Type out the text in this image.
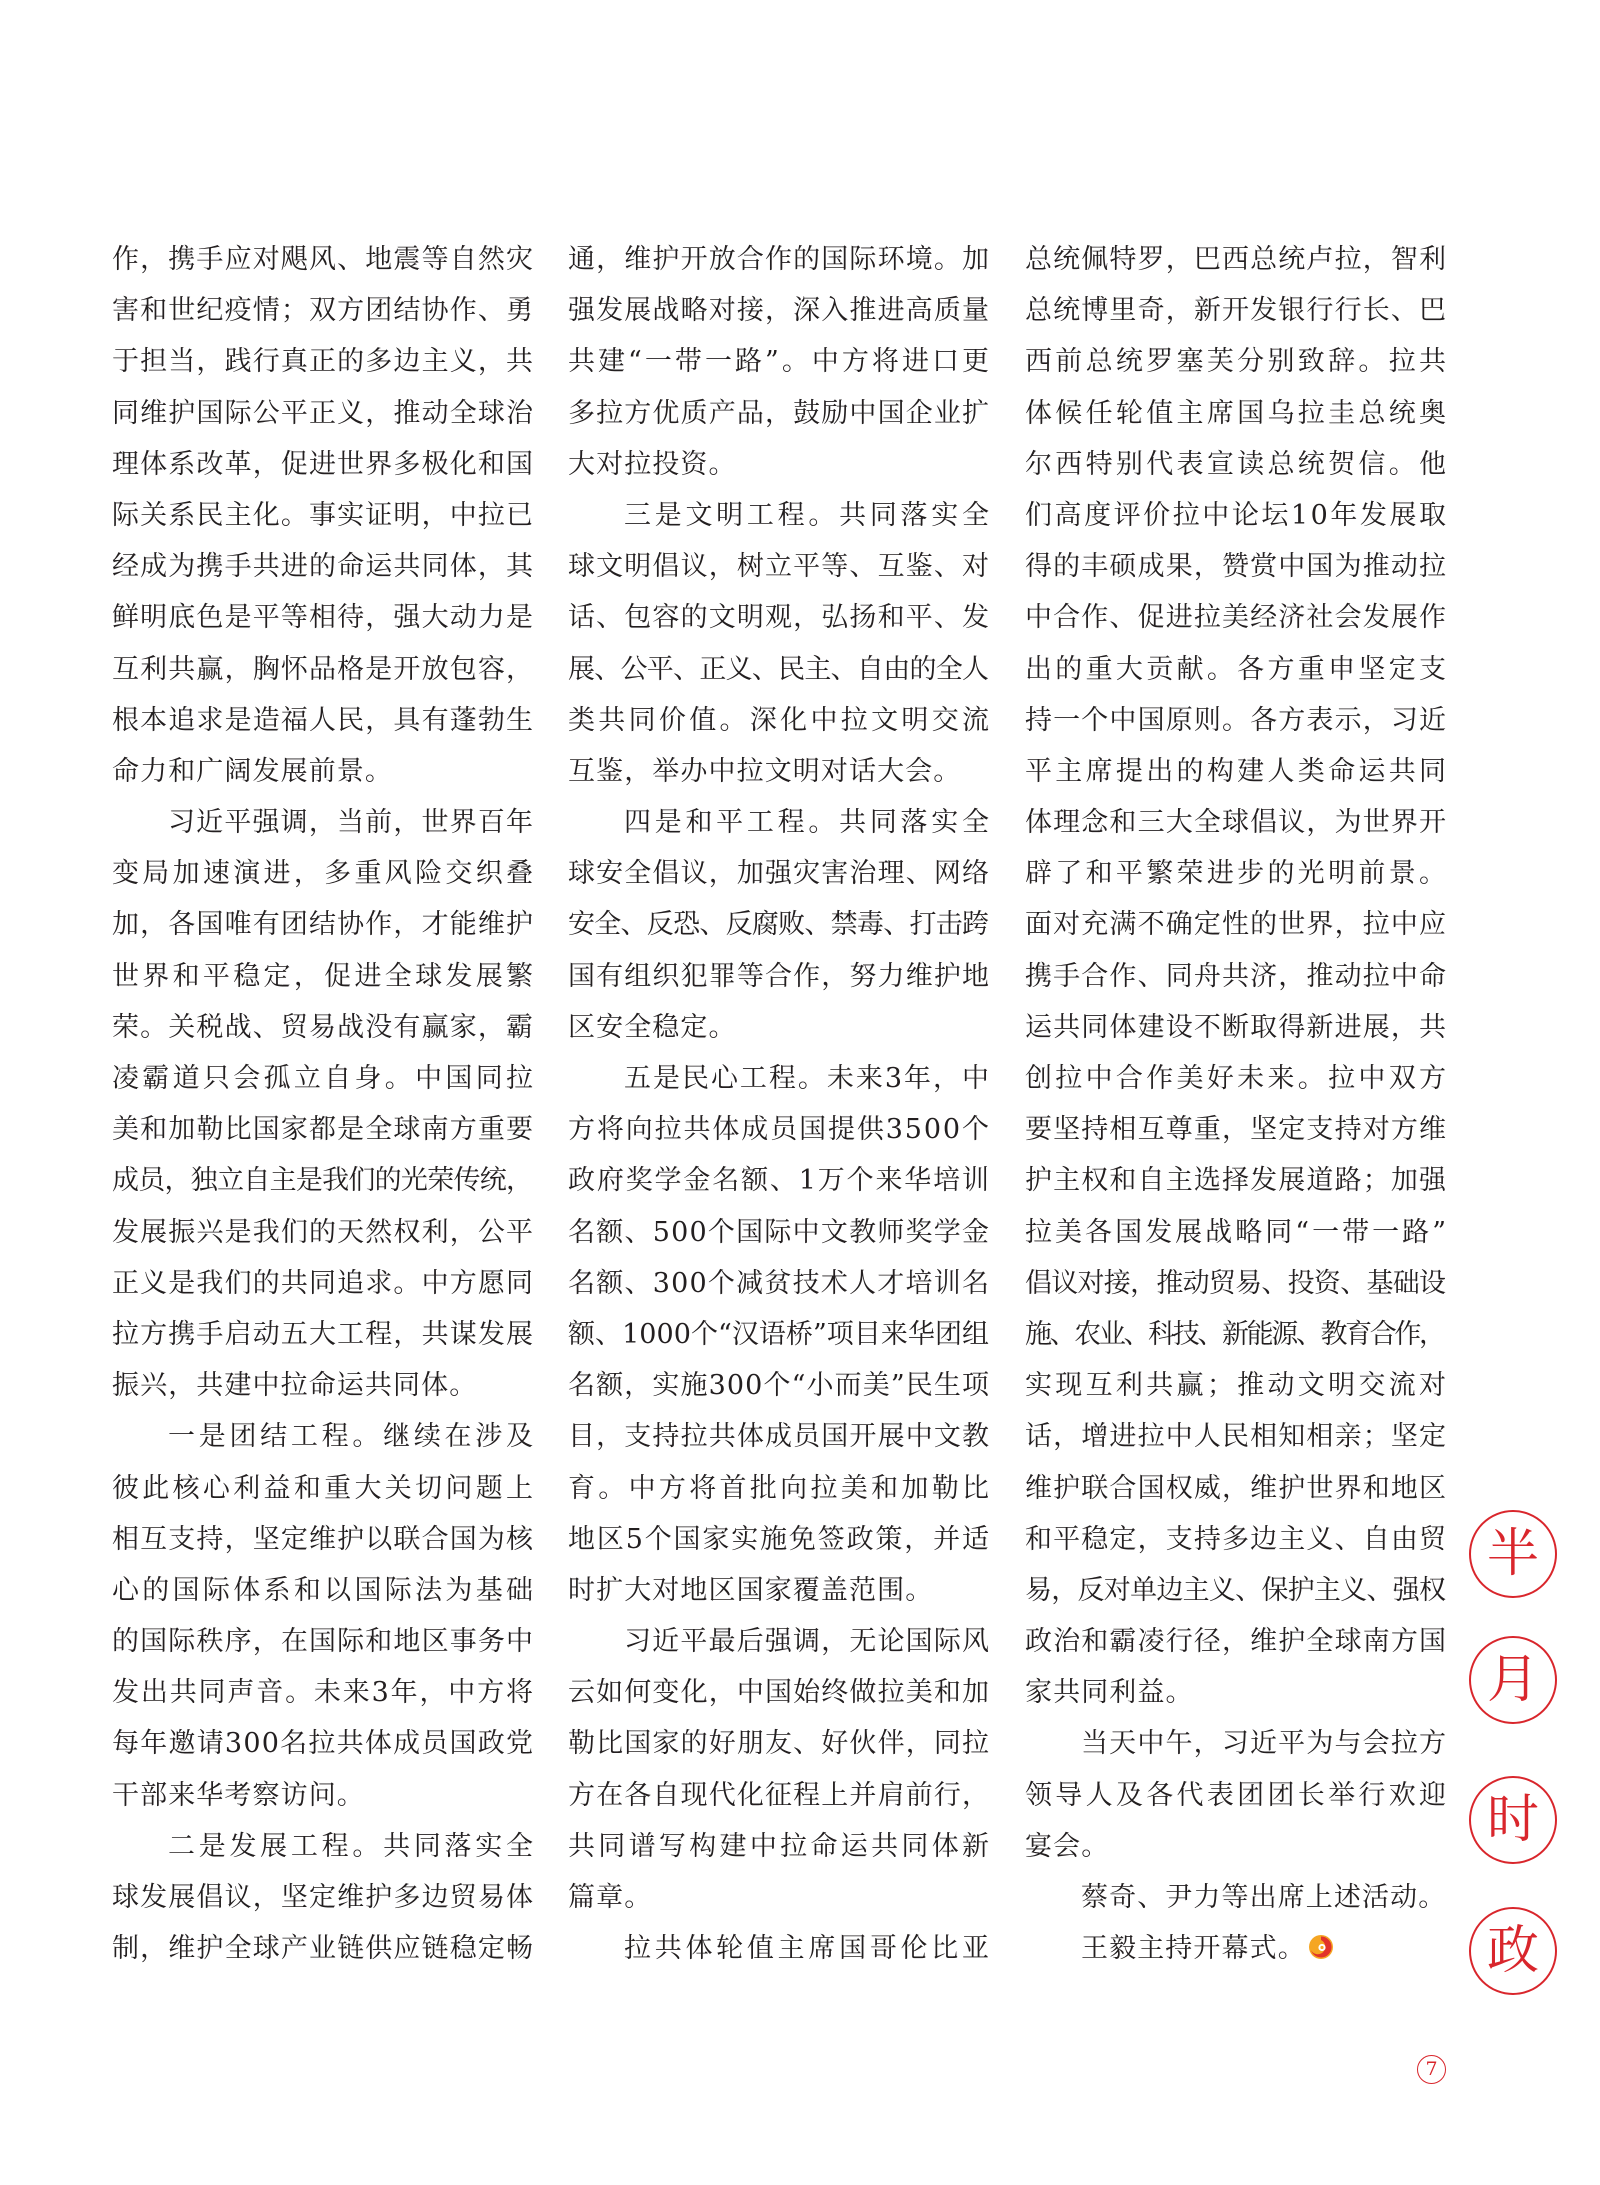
作，携手应对飓风、地震等自然灾
害和世纪疫情；双方团结协作、勇
于担当，践行真正的多边主义，共
同维护国际公平正义，推动全球治
理体系改革，促进世界多极化和国
际关系民主化。事实证明，中拉已
经成为携手共进的命运共同体，其
鲜明底色是平等相待，强大动力是
互利共赢，胸怀品格是开放包容，
根本追求是造福人民，具有蓬勃生
命力和广阔发展前景。
习近平强调，当前，世界百年
变局加速演进，多重风险交织叠
加，各国唯有团结协作，才能维护
世界和平稳定，促进全球发展繁
荣。关税战、贸易战没有赢家，霸
凌霸道只会孤立自身。中国同拉
美和加勒比国家都是全球南方重要
成员，独立自主是我们的光荣传统，
发展振兴是我们的天然权利，公平
正义是我们的共同追求。中方愿同
拉方携手启动五大工程，共谋发展
振兴，共建中拉命运共同体。
一是团结工程。继续在涉及
彼此核心利益和重大关切问题上
相互支持，坚定维护以联合国为核
心的国际体系和以国际法为基础
的国际秩序，在国际和地区事务中
发出共同声音。未来3年，中方将
每年邀请300名拉共体成员国政党
干部来华考察访问。
二是发展工程。共同落实全
球发展倡议，坚定维护多边贸易体
制，维护全球产业链供应链稳定畅
通，维护开放合作的国际环境。加
强发展战略对接，深入推进高质量
共建“一带一路”。中方将进口更
多拉方优质产品，鼓励中国企业扩
大对拉投资。
三是文明工程。共同落实全
球文明倡议，树立平等、互鉴、对
话、包容的文明观，弘扬和平、发
展、公平、正义、民主、自由的全人
类共同价值。深化中拉文明交流
互鉴，举办中拉文明对话大会。
四是和平工程。共同落实全
球安全倡议，加强灾害治理、网络
安全、反恐、反腐败、禁毒、打击跨
国有组织犯罪等合作，努力维护地
区安全稳定。
五是民心工程。未来3年，中
方将向拉共体成员国提供3500个
政府奖学金名额、1万个来华培训
名额、500个国际中文教师奖学金
名额、300个减贫技术人才培训名
额、1000个“汉语桥”项目来华团组
名额，实施300个“小而美”民生项
目，支持拉共体成员国开展中文教
育。中方将首批向拉美和加勒比
地区5个国家实施免签政策，并适
时扩大对地区国家覆盖范围。
习近平最后强调，无论国际风
云如何变化，中国始终做拉美和加
勒比国家的好朋友、好伙伴，同拉
方在各自现代化征程上并肩前行，
共同谱写构建中拉命运共同体新
篇章。
拉共体轮值主席国哥伦比亚
总统佩特罗，巴西总统卢拉，智利
总统博里奇，新开发银行行长、巴
西前总统罗塞芙分别致辞。拉共
体候任轮值主席国乌拉圭总统奥
尔西特别代表宣读总统贺信。他
们高度评价拉中论坛10年发展取
得的丰硕成果，赞赏中国为推动拉
中合作、促进拉美经济社会发展作
出的重大贡献。各方重申坚定支
持一个中国原则。各方表示，习近
平主席提出的构建人类命运共同
体理念和三大全球倡议，为世界开
辟了和平繁荣进步的光明前景。
面对充满不确定性的世界，拉中应
携手合作、同舟共济，推动拉中命
运共同体建设不断取得新进展，共
创拉中合作美好未来。拉中双方
要坚持相互尊重，坚定支持对方维
护主权和自主选择发展道路；加强
拉美各国发展战略同“一带一路”
倡议对接，推动贸易、投资、基础设
施、农业、科技、新能源、教育合作，
实现互利共赢；推动文明交流对
话，增进拉中人民相知相亲；坚定
维护联合国权威，维护世界和地区
和平稳定，支持多边主义、自由贸
易，反对单边主义、保护主义、强权
政治和霸凌行径，维护全球南方国
家共同利益。
当天中午，习近平为与会拉方
领导人及各代表团团长举行欢迎
宴会。
蔡奇、尹力等出席上述活动。
王毅主持开幕式。
半
月
时
政
7
